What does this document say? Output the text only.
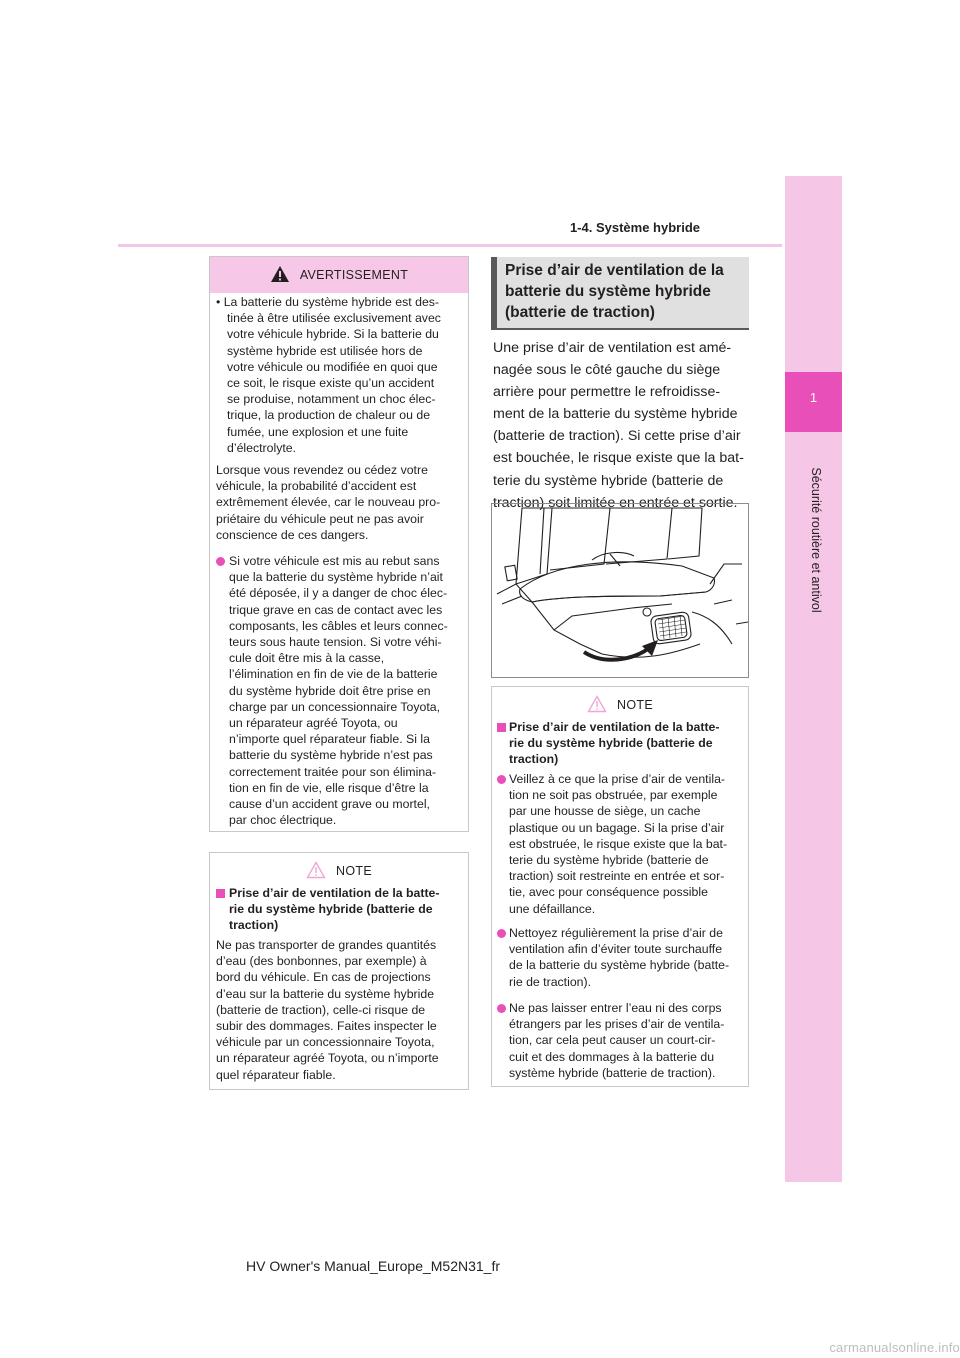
1-4. Système hybride
1
Sécurité routière et antivol
AVERTISSEMENT
• La batterie du système hybride est des-
tinée à être utilisée exclusivement avec
votre véhicule hybride. Si la batterie du
système hybride est utilisée hors de
votre véhicule ou modifiée en quoi que
ce soit, le risque existe qu’un accident
se produise, notamment un choc élec-
trique, la production de chaleur ou de
fumée, une explosion et une fuite
d’électrolyte.
Lorsque vous revendez ou cédez votre
véhicule, la probabilité d’accident est
extrêmement élevée, car le nouveau pro-
priétaire du véhicule peut ne pas avoir
conscience de ces dangers.
Si votre véhicule est mis au rebut sans
que la batterie du système hybride n’ait
été déposée, il y a danger de choc élec-
trique grave en cas de contact avec les
composants, les câbles et leurs connec-
teurs sous haute tension. Si votre véhi-
cule doit être mis à la casse,
l’élimination en fin de vie de la batterie
du système hybride doit être prise en
charge par un concessionnaire Toyota,
un réparateur agréé Toyota, ou
n’importe quel réparateur fiable. Si la
batterie du système hybride n’est pas
correctement traitée pour son élimina-
tion en fin de vie, elle risque d’être la
cause d’un accident grave ou mortel,
par choc électrique.
NOTE
Prise d’air de ventilation de la batte-
rie du système hybride (batterie de
traction)
Ne pas transporter de grandes quantités
d’eau (des bonbonnes, par exemple) à
bord du véhicule. En cas de projections
d’eau sur la batterie du système hybride
(batterie de traction), celle-ci risque de
subir des dommages. Faites inspecter le
véhicule par un concessionnaire Toyota,
un réparateur agréé Toyota, ou n’importe
quel réparateur fiable.
Prise d’air de ventilation de la
batterie du système hybride
(batterie de traction)
Une prise d’air de ventilation est amé-
nagée sous le côté gauche du siège
arrière pour permettre le refroidisse-
ment de la batterie du système hybride
(batterie de traction). Si cette prise d’air
est bouchée, le risque existe que la bat-
terie du système hybride (batterie de
traction) soit limitée en entrée et sortie.
NOTE
Prise d’air de ventilation de la batte-
rie du système hybride (batterie de
traction)
Veillez à ce que la prise d’air de ventila-
tion ne soit pas obstruée, par exemple
par une housse de siège, un cache
plastique ou un bagage. Si la prise d’air
est obstruée, le risque existe que la bat-
terie du système hybride (batterie de
traction) soit restreinte en entrée et sor-
tie, avec pour conséquence possible
une défaillance.
Nettoyez régulièrement la prise d’air de
ventilation afin d’éviter toute surchauffe
de la batterie du système hybride (batte-
rie de traction).
Ne pas laisser entrer l’eau ni des corps
étrangers par les prises d’air de ventila-
tion, car cela peut causer un court-cir-
cuit et des dommages à la batterie du
système hybride (batterie de traction).
HV Owner's Manual_Europe_M52N31_fr
carmanualsonline.info
